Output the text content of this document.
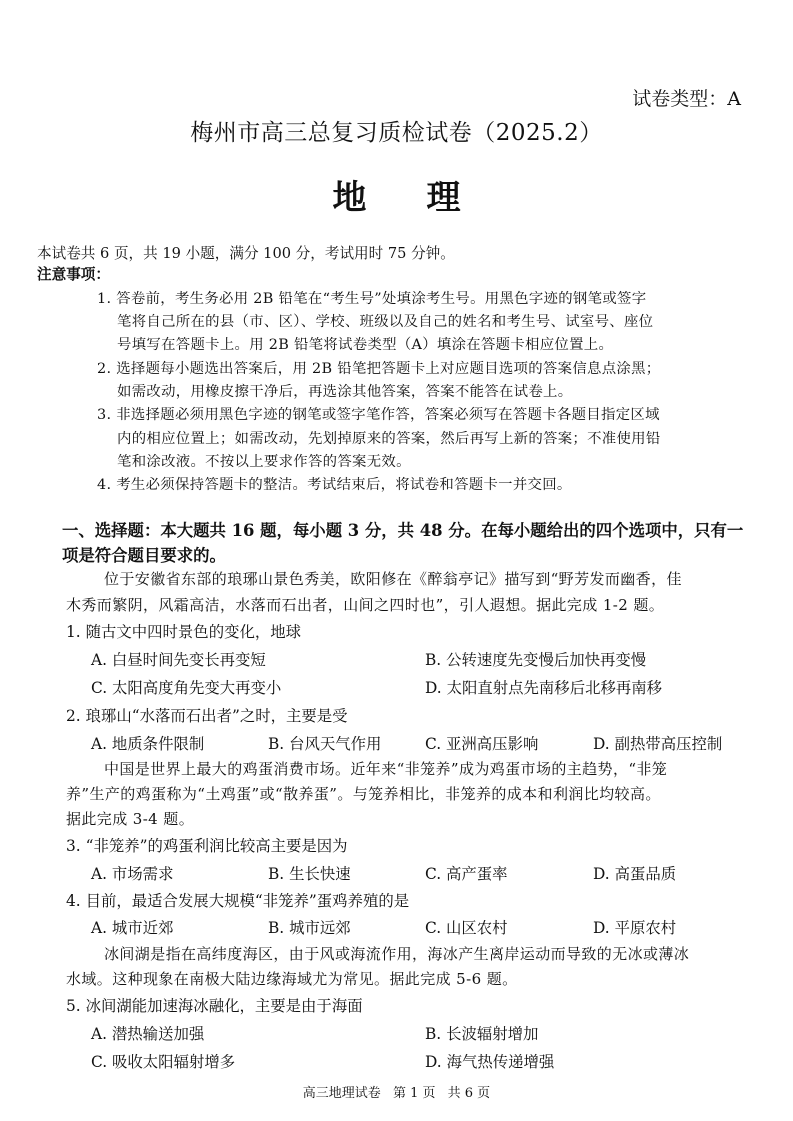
试卷类型：A
梅州市高三总复习质检试卷（2025.2）
地理
本试卷共 6 页，共 19 小题，满分 100 分，考试用时 75 分钟。
注意事项：
1. 答卷前，考生务必用 2B 铅笔在“考生号”处填涂考生号。用黑色字迹的钢笔或签字
笔将自己所在的县（市、区）、学校、班级以及自己的姓名和考生号、试室号、座位
号填写在答题卡上。用 2B 铅笔将试卷类型（A）填涂在答题卡相应位置上。
2. 选择题每小题选出答案后，用 2B 铅笔把答题卡上对应题目选项的答案信息点涂黑；
如需改动，用橡皮擦干净后，再选涂其他答案，答案不能答在试卷上。
3. 非选择题必须用黑色字迹的钢笔或签字笔作答，答案必须写在答题卡各题目指定区域
内的相应位置上；如需改动，先划掉原来的答案，然后再写上新的答案；不准使用铅
笔和涂改液。不按以上要求作答的答案无效。
4. 考生必须保持答题卡的整洁。考试结束后，将试卷和答题卡一并交回。
一、选择题：本大题共 16 题，每小题 3 分，共 48 分。在每小题给出的四个选项中，只有一
项是符合题目要求的。
位于安徽省东部的琅琊山景色秀美，欧阳修在《醉翁亭记》描写到“野芳发而幽香，佳
木秀而繁阴，风霜高洁，水落而石出者，山间之四时也”，引人遐想。据此完成 1-2 题。
1. 随古文中四时景色的变化，地球
A. 白昼时间先变长再变短	B. 公转速度先变慢后加快再变慢
C. 太阳高度角先变大再变小	D. 太阳直射点先南移后北移再南移
2. 琅琊山“水落而石出者”之时，主要是受
A. 地质条件限制	B. 台风天气作用	C. 亚洲高压影响	D. 副热带高压控制
中国是世界上最大的鸡蛋消费市场。近年来“非笼养”成为鸡蛋市场的主趋势，“非笼
养”生产的鸡蛋称为“土鸡蛋”或“散养蛋”。与笼养相比，非笼养的成本和利润比均较高。
据此完成 3-4 题。
3. “非笼养”的鸡蛋利润比较高主要是因为
A. 市场需求	B. 生长快速	C. 高产蛋率	D. 高蛋品质
4. 目前，最适合发展大规模“非笼养”蛋鸡养殖的是
A. 城市近郊	B. 城市远郊	C. 山区农村	D. 平原农村
冰间湖是指在高纬度海区，由于风或海流作用，海冰产生离岸运动而导致的无冰或薄冰
水域。这种现象在南极大陆边缘海域尤为常见。据此完成 5-6 题。
5. 冰间湖能加速海冰融化，主要是由于海面
A. 潜热输送加强	B. 长波辐射增加
C. 吸收太阳辐射增多	D. 海气热传递增强
高三地理试卷 第 1 页 共 6 页
